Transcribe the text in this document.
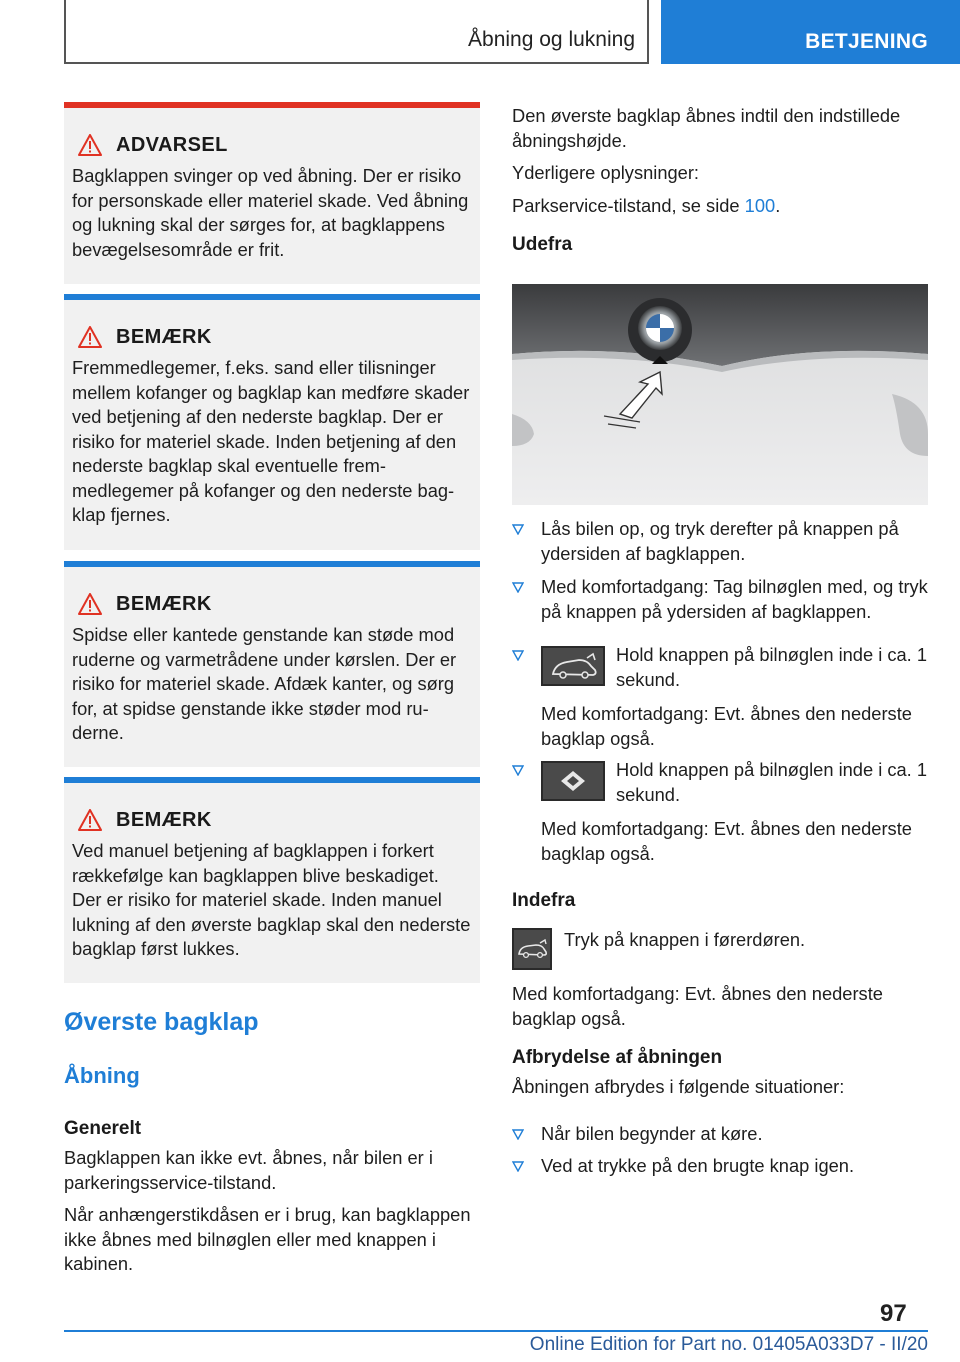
Åbning og lukning	BETJENING
ADVARSEL
Bagklappen svinger op ved åbning. Der er risiko for personskade eller materiel skade. Ved åbning og lukning skal der sørges for, at bagklappens bevægelsesområde er frit.
BEMÆRK
Fremmedlegemer, f.eks. sand eller tilisninger mellem kofanger og bagklap kan medføre skader ved betjening af den nederste bagklap. Der er risiko for materiel skade. Inden betjening af den nederste bagklap skal eventuelle fremmedlegemer på kofanger og den nederste bagklap fjernes.
BEMÆRK
Spidse eller kantede genstande kan støde mod ruderne og varmetrådene under kørslen. Der er risiko for materiel skade. Afdæk kanter, og sørg for, at spidse genstande ikke støder mod ruderne.
BEMÆRK
Ved manuel betjening af bagklappen i forkert rækkefølge kan bagklappen blive beskadiget. Der er risiko for materiel skade. Inden manuel lukning af den øverste bagklap skal den nederste bagklap først lukkes.
Øverste bagklap
Åbning
Generelt
Bagklappen kan ikke evt. åbnes, når bilen er i parkeringsservice-tilstand.
Når anhængerstikdåsen er i brug, kan bagklappen ikke åbnes med bilnøglen eller med knappen i kabinen.
Den øverste bagklap åbnes indtil den indstillede åbningshøjde.
Yderligere oplysninger:
Parkservice-tilstand, se side 100.
Udefra
Lås bilen op, og tryk derefter på knappen på ydersiden af bagklappen.
Med komfortadgang: Tag bilnøglen med, og tryk på knappen på ydersiden af bagklappen.
Hold knappen på bilnøglen inde i ca. 1 sekund.
Med komfortadgang: Evt. åbnes den nederste bagklap også.
Hold knappen på bilnøglen inde i ca. 1 sekund.
Med komfortadgang: Evt. åbnes den nederste bagklap også.
Indefra
Tryk på knappen i førerdøren.
Med komfortadgang: Evt. åbnes den nederste bagklap også.
Afbrydelse af åbningen
Åbningen afbrydes i følgende situationer:
Når bilen begynder at køre.
Ved at trykke på den brugte knap igen.
97
Online Edition for Part no. 01405A033D7 - II/20
